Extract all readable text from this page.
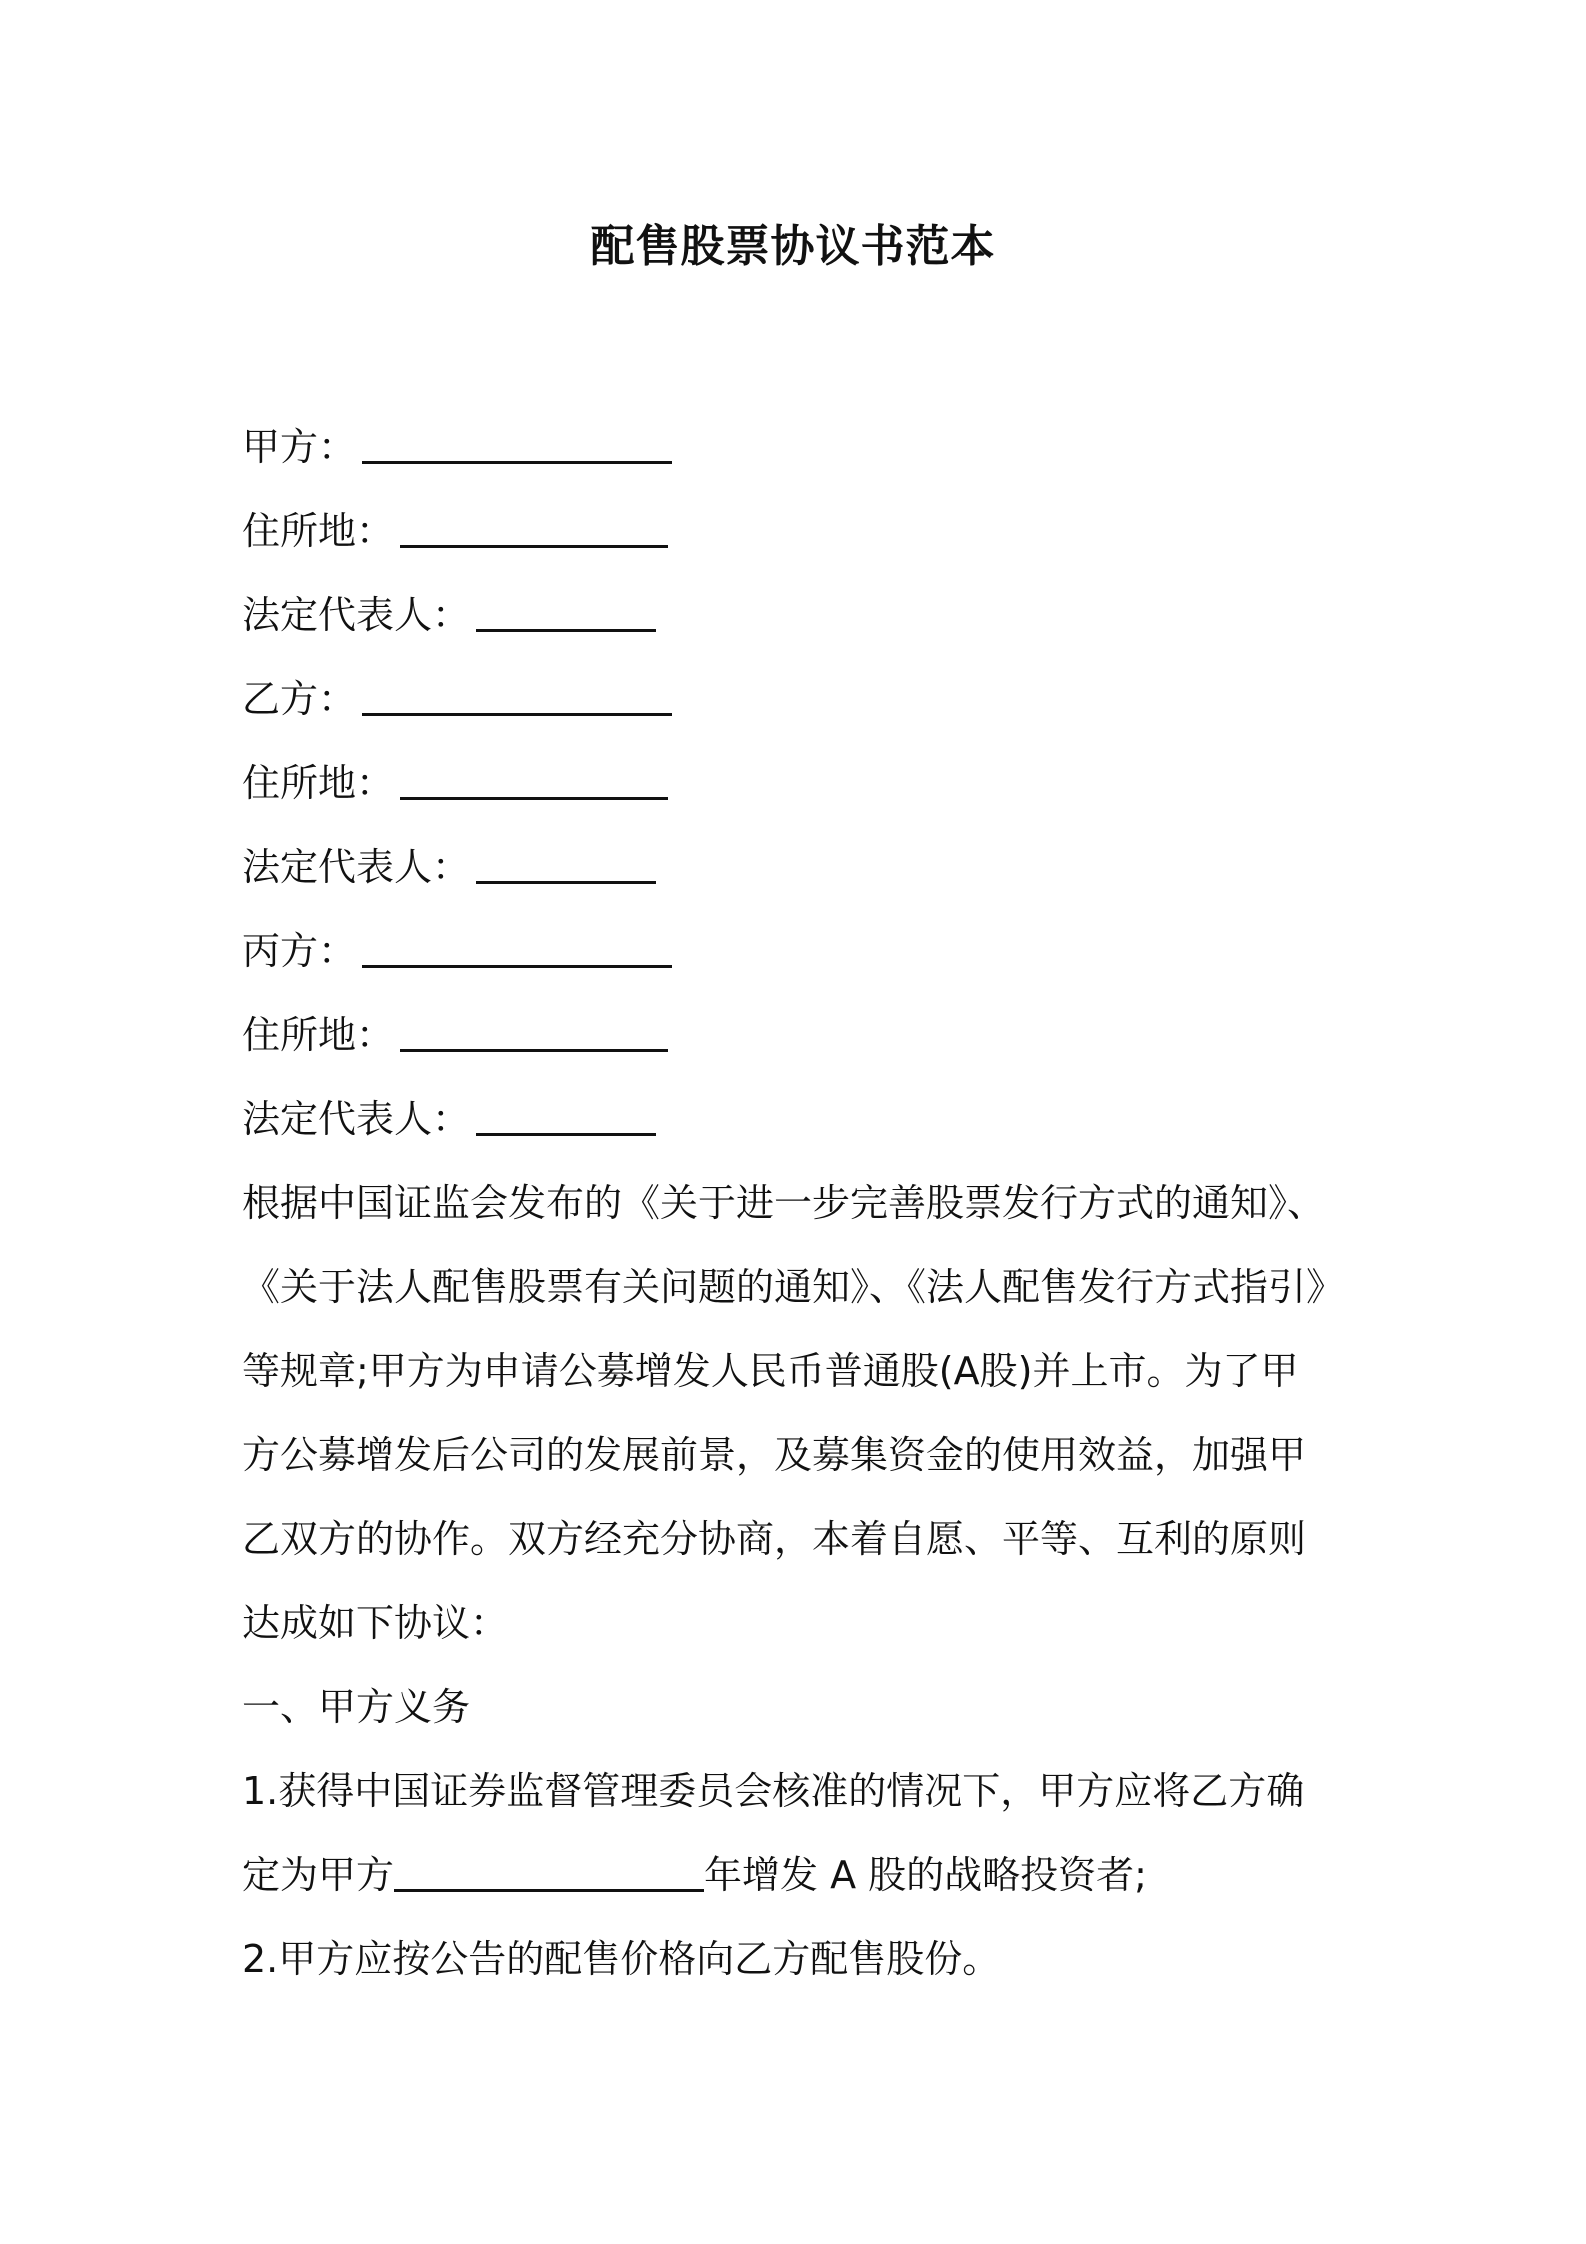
配售股票协议书范本
甲方：
住所地：
法定代表人：
乙方：
住所地：
法定代表人：
丙方：
住所地：
法定代表人：
根据中国证监会发布的《关于进一步完善股票发行方式的通知》、
《关于法人配售股票有关问题的通知》、《法人配售发行方式指引》
等规章;甲方为申请公募增发人民币普通股(A股)并上市。为了甲
方公募增发后公司的发展前景，及募集资金的使用效益，加强甲
乙双方的协作。双方经充分协商，本着自愿、平等、互利的原则
达成如下协议：
一、甲方义务
1.获得中国证券监督管理委员会核准的情况下，甲方应将乙方确
定为甲方	年增发 A 股的战略投资者;
2.甲方应按公告的配售价格向乙方配售股份。
